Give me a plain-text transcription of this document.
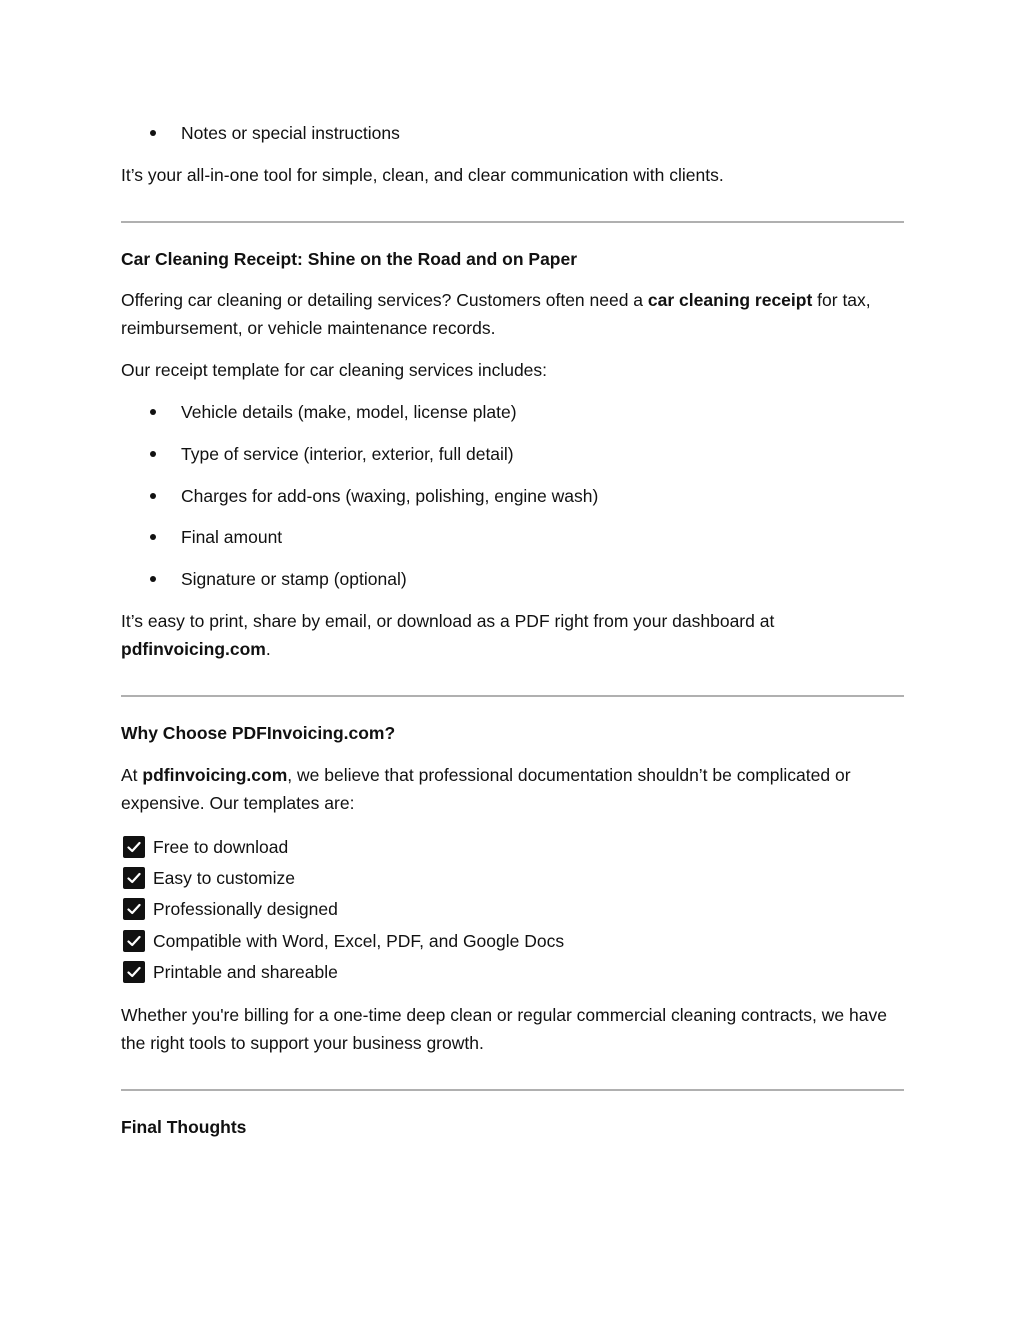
Notes or special instructions

It’s your all-in-one tool for simple, clean, and clear communication with clients.

Car Cleaning Receipt: Shine on the Road and on Paper

Offering car cleaning or detailing services? Customers often need a car cleaning receipt for tax, reimbursement, or vehicle maintenance records.

Our receipt template for car cleaning services includes:

Vehicle details (make, model, license plate)
Type of service (interior, exterior, full detail)
Charges for add-ons (waxing, polishing, engine wash)
Final amount
Signature or stamp (optional)

It’s easy to print, share by email, or download as a PDF right from your dashboard at pdfinvoicing.com.

Why Choose PDFInvoicing.com?

At pdfinvoicing.com, we believe that professional documentation shouldn’t be complicated or expensive. Our templates are:

Free to download
Easy to customize
Professionally designed
Compatible with Word, Excel, PDF, and Google Docs
Printable and shareable

Whether you're billing for a one-time deep clean or regular commercial cleaning contracts, we have the right tools to support your business growth.

Final Thoughts
